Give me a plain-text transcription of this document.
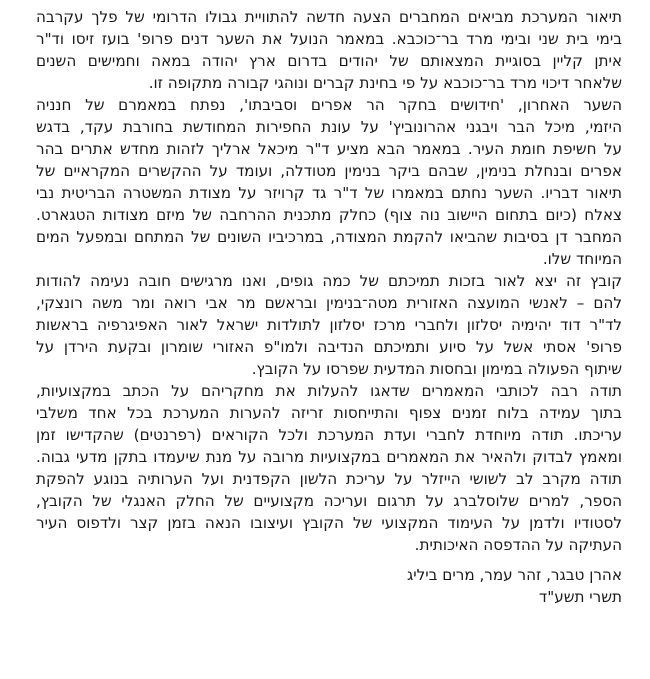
תיאור המערכת מביאים המחברים הצעה חדשה להתוויית גבולו הדרומי של פלך עקרבה
בימי בית שני ובימי מרד בר־כוכבא. במאמר הנועל את השער דנים פרופ' בועז זיסו וד"ר
איתן קליין בסוגיית המצאותם של יהודים בדרום ארץ יהודה במאה וחמישים השנים
שלאחר דיכוי מרד בר־כוכבא על פי בחינת קברים ונוהגי קבורה מתקופה זו.
השער האחרון, 'חידושים בחקר הר אפרים וסביבתו', נפתח במאמרם של חנניה
היזמי, מיכל הבר ויבגני אהרונוביץ' על עונת החפירות המחודשת בחורבת עקד, בדגש
על חשיפת חומת העיר. במאמר הבא מציע ד"ר מיכאל ארליך לזהות מחדש אתרים בהר
אפרים ובנחלת בנימין, שבהם ביקר בנימין מטודלה, ועומד על ההקשרים המקראיים של
תיאור דבריו. השער נחתם במאמרו של ד"ר גד קרויזר על מצודת המשטרה הבריטית נבי
צאלח (כיום בתחום היישוב נוה צוף) כחלק מתכנית ההרחבה של מיזם מצודות הטגארט.
המחבר דן בסיבות שהביאו להקמת המצודה, במרכיביו השונים של המתחם ובמפעל המים
המיוחד שלו.
קובץ זה יצא לאור בזכות תמיכתם של כמה גופים, ואנו מרגישים חובה נעימה להודות
להם – לאנשי המועצה האזורית מטה־בנימין ובראשם מר אבי רואה ומר משה רונצקי,
לד"ר דוד יהימיה יסלזון ולחברי מרכז יסלזון לתולדות ישראל לאור האפיגרפיה בראשות
פרופ' אסתי אשל על סיוע ותמיכתם הנדיבה ולמו"פ האזורי שומרון ובקעת הירדן על
שיתוף הפעולה במימון ובחסות המדעית שפרסו על הקובץ.
תודה רבה לכותבי המאמרים שדאגו להעלות את מחקריהם על הכתב במקצועיות,
בתוך עמידה בלוח זמנים צפוף והתייחסות זריזה להערות המערכת בכל אחד משלבי
עריכתו. תודה מיוחדת לחברי ועדת המערכת ולכל הקוראים (רפרנטים) שהקדישו זמן
ומאמץ לבדוק ולהאיר את המאמרים במקצועיות מרובה על מנת שיעמדו בתקן מדעי גבוה.
תודה מקרב לב לשושי הייזלר על עריכת הלשון הקפדנית ועל הערותיה בנוגע להפקת
הספר, למרים שלוסלברג על תרגום ועריכה מקצועיים של החלק האנגלי של הקובץ,
לסטודיו ולדמן על העימוד המקצועי של הקובץ ועיצובו הנאה בזמן קצר ולדפוס העיר
העתיקה על ההדפסה האיכותית.
אהרן טבגר, זהר עמר, מרים ביליג
תשרי תשע"ד
